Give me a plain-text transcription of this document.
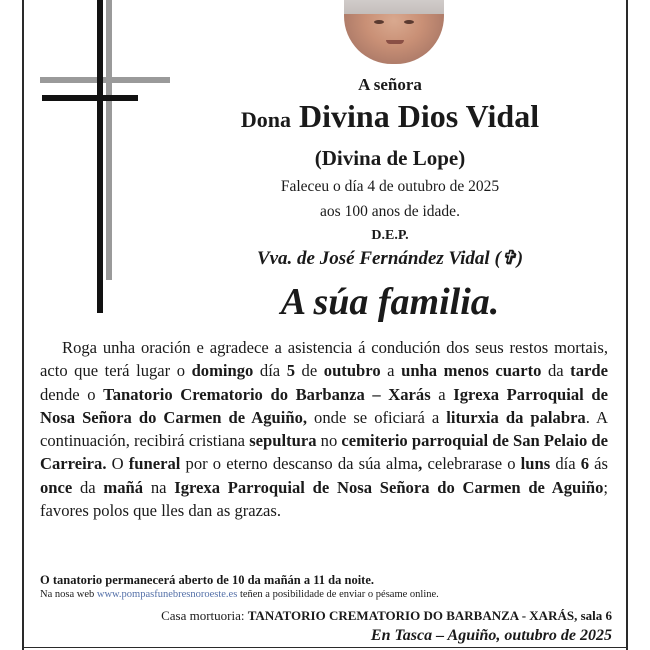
A señora
Dona Divina Dios Vidal
(Divina de Lope)
Faleceu o día 4 de outubro de 2025
aos 100 anos de idade.
D.E.P.
Vva. de José Fernández Vidal (✞)
A súa familia.
Roga unha oración e agradece a asistencia á condución dos seus restos mortais, acto que terá lugar o domingo día 5 de outubro a unha menos cuarto da tarde dende o Tanatorio Crematorio do Barbanza – Xarás a Igrexa Parroquial de Nosa Señora do Carmen de Aguiño, onde se oficiará a liturxia da palabra. A continuación, recibirá cristiana sepultura no cemiterio parroquial de San Pelaio de Carreira. O funeral por o eterno descanso da súa alma, celebrarase o luns día 6 ás once da mañá na Igrexa Parroquial de Nosa Señora do Carmen de Aguiño; favores polos que lles dan as grazas.
O tanatorio permanecerá aberto de 10 da mañán a 11 da noite.
Na nosa web www.pompasfunebresnoroeste.es teñen a posibilidade de enviar o pésame online.
Casa mortuoria: TANATORIO CREMATORIO DO BARBANZA - XARÁS, sala 6
En Tasca – Aguiño, outubro de 2025
